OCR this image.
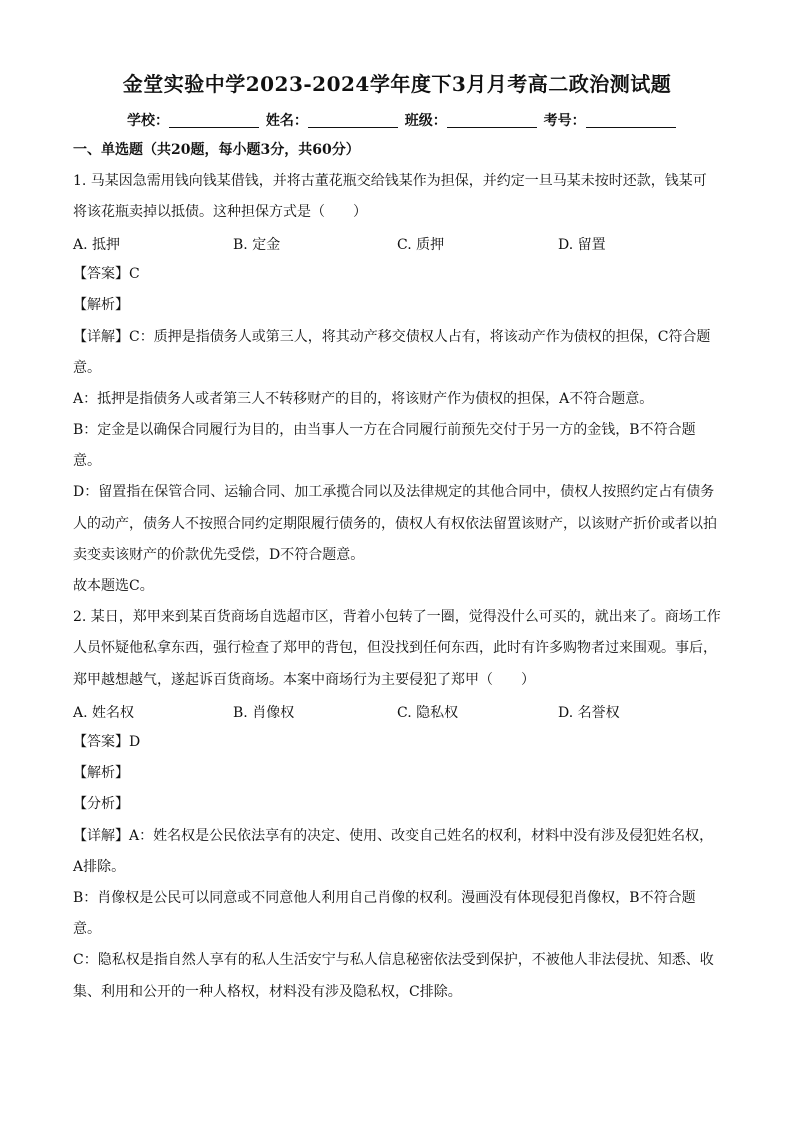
金堂实验中学2023-2024学年度下3月月考高二政治测试题
学校：	姓名：	班级：	考号：
一、单选题（共20题，每小题3分，共60分）
1. 马某因急需用钱向钱某借钱，并将古董花瓶交给钱某作为担保，并约定一旦马某未按时还款，钱某可
将该花瓶卖掉以抵债。这种担保方式是（　　）
A. 抵押	B. 定金	C. 质押	D. 留置
【答案】C
【解析】
【详解】C：质押是指债务人或第三人，将其动产移交债权人占有，将该动产作为债权的担保，C符合题
意。
A：抵押是指债务人或者第三人不转移财产的目的，将该财产作为债权的担保，A不符合题意。
B：定金是以确保合同履行为目的，由当事人一方在合同履行前预先交付于另一方的金钱，B不符合题
意。
D：留置指在保管合同、运输合同、加工承揽合同以及法律规定的其他合同中，债权人按照约定占有债务
人的动产，债务人不按照合同约定期限履行债务的，债权人有权依法留置该财产，以该财产折价或者以拍
卖变卖该财产的价款优先受偿，D不符合题意。
故本题选C。
2. 某日，郑甲来到某百货商场自选超市区，背着小包转了一圈，觉得没什么可买的，就出来了。商场工作
人员怀疑他私拿东西，强行检查了郑甲的背包，但没找到任何东西，此时有许多购物者过来围观。事后，
郑甲越想越气，遂起诉百货商场。本案中商场行为主要侵犯了郑甲（　　）
A. 姓名权	B. 肖像权	C. 隐私权	D. 名誉权
【答案】D
【解析】
【分析】
【详解】A：姓名权是公民依法享有的决定、使用、改变自己姓名的权利，材料中没有涉及侵犯姓名权，
A排除。
B：肖像权是公民可以同意或不同意他人利用自己肖像的权利。漫画没有体现侵犯肖像权，B不符合题
意。
C：隐私权是指自然人享有的私人生活安宁与私人信息秘密依法受到保护，不被他人非法侵扰、知悉、收
集、利用和公开的一种人格权，材料没有涉及隐私权，C排除。
